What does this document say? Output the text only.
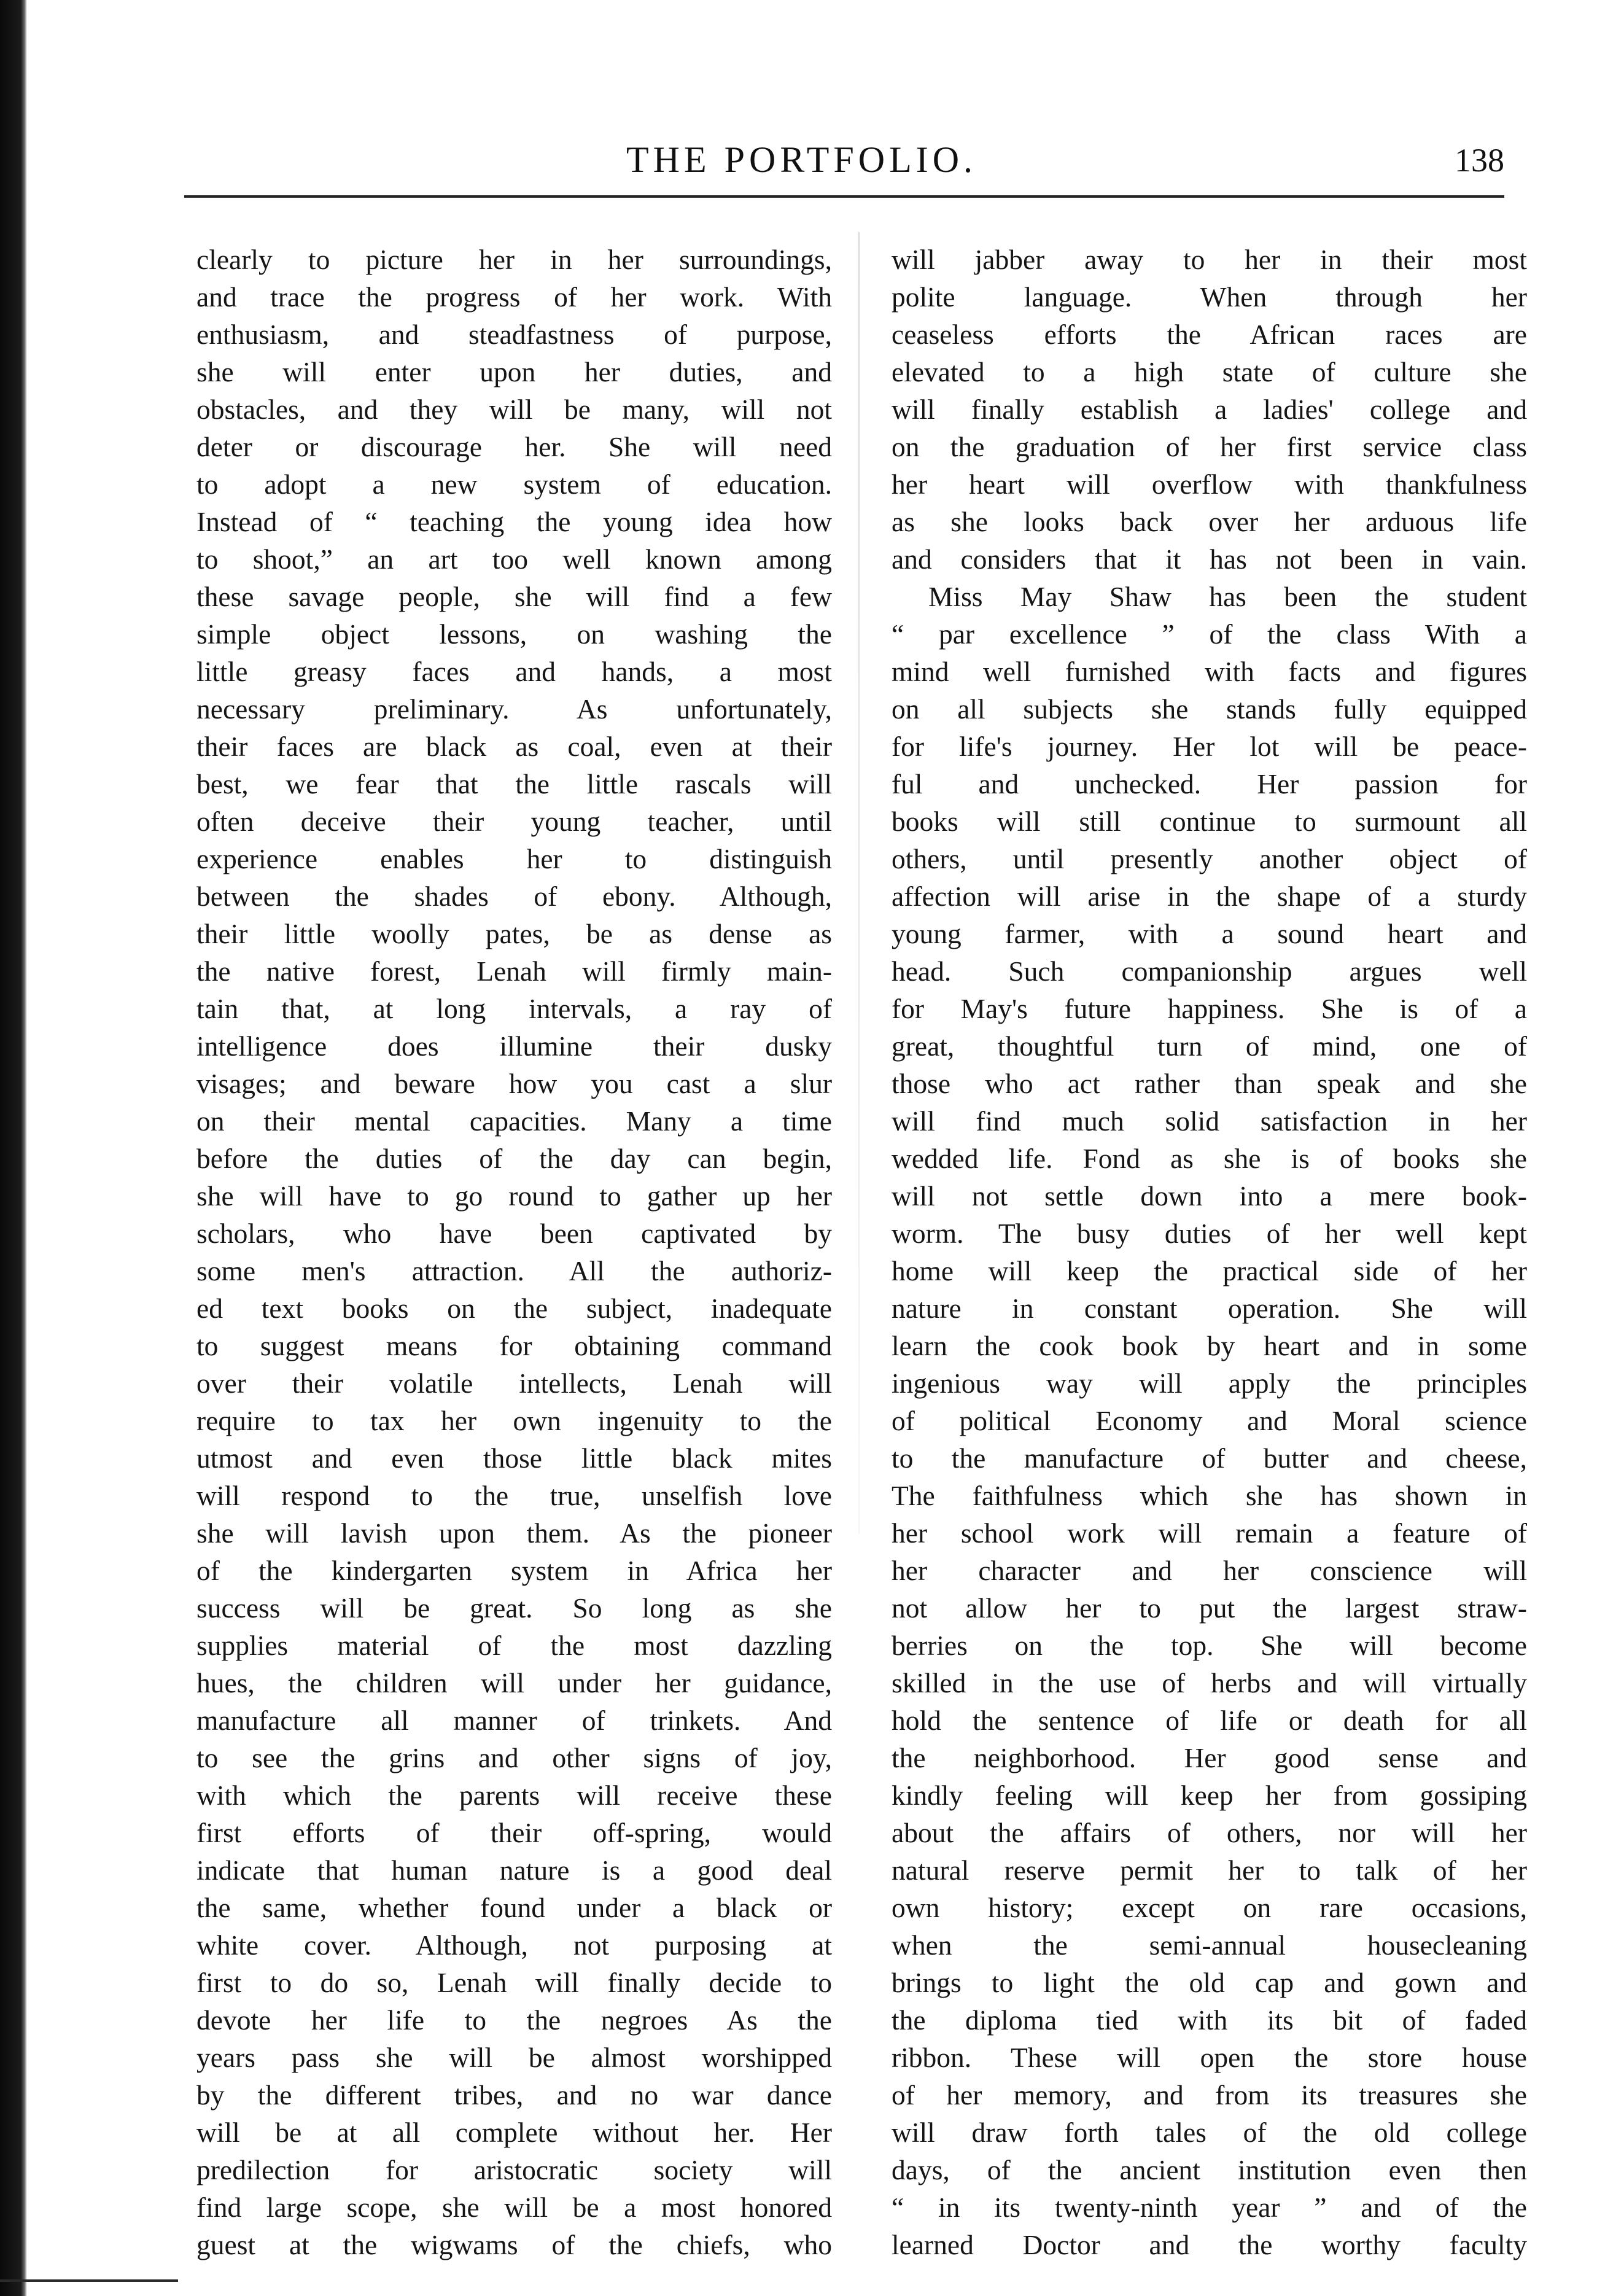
THE PORTFOLIO.	138
clearly to picture her in her surroundings,
and trace the progress of her work. With
enthusiasm, and steadfastness of purpose,
she will enter upon her duties, and
obstacles, and they will be many, will not
deter or discourage her. She will need
to adopt a new system of education.
Instead of “ teaching the young idea how
to shoot,” an art too well known among
these savage people, she will find a few
simple object lessons, on washing the
little greasy faces and hands, a most
necessary preliminary. As unfortunately,
their faces are black as coal, even at their
best, we fear that the little rascals will
often deceive their young teacher, until
experience enables her to distinguish
between the shades of ebony. Although,
their little woolly pates, be as dense as
the native forest, Lenah will firmly main-
tain that, at long intervals, a ray of
intelligence does illumine their dusky
visages; and beware how you cast a slur
on their mental capacities. Many a time
before the duties of the day can begin,
she will have to go round to gather up her
scholars, who have been captivated by
some men's attraction. All the authoriz-
ed text books on the subject, inadequate
to suggest means for obtaining command
over their volatile intellects, Lenah will
require to tax her own ingenuity to the
utmost and even those little black mites
will respond to the true, unselfish love
she will lavish upon them. As the pioneer
of the kindergarten system in Africa her
success will be great. So long as she
supplies material of the most dazzling
hues, the children will under her guidance,
manufacture all manner of trinkets. And
to see the grins and other signs of joy,
with which the parents will receive these
first efforts of their off-spring, would
indicate that human nature is a good deal
the same, whether found under a black or
white cover. Although, not purposing at
first to do so, Lenah will finally decide to
devote her life to the negroes As the
years pass she will be almost worshipped
by the different tribes, and no war dance
will be at all complete without her. Her
predilection for aristocratic society will
find large scope, she will be a most honored
guest at the wigwams of the chiefs, who
will jabber away to her in their most
polite language. When through her
ceaseless efforts the African races are
elevated to a high state of culture she
will finally establish a ladies' college and
on the graduation of her first service class
her heart will overflow with thankfulness
as she looks back over her arduous life
and considers that it has not been in vain.
Miss May Shaw has been the student
“ par excellence ” of the class With a
mind well furnished with facts and figures
on all subjects she stands fully equipped
for life's journey. Her lot will be peace-
ful and unchecked. Her passion for
books will still continue to surmount all
others, until presently another object of
affection will arise in the shape of a sturdy
young farmer, with a sound heart and
head. Such companionship argues well
for May's future happiness. She is of a
great, thoughtful turn of mind, one of
those who act rather than speak and she
will find much solid satisfaction in her
wedded life. Fond as she is of books she
will not settle down into a mere book-
worm. The busy duties of her well kept
home will keep the practical side of her
nature in constant operation. She will
learn the cook book by heart and in some
ingenious way will apply the principles
of political Economy and Moral science
to the manufacture of butter and cheese,
The faithfulness which she has shown in
her school work will remain a feature of
her character and her conscience will
not allow her to put the largest straw-
berries on the top. She will become
skilled in the use of herbs and will virtually
hold the sentence of life or death for all
the neighborhood. Her good sense and
kindly feeling will keep her from gossiping
about the affairs of others, nor will her
natural reserve permit her to talk of her
own history; except on rare occasions,
when the semi-annual housecleaning
brings to light the old cap and gown and
the diploma tied with its bit of faded
ribbon. These will open the store house
of her memory, and from its treasures she
will draw forth tales of the old college
days, of the ancient institution even then
“ in its twenty-ninth year ” and of the
learned Doctor and the worthy faculty
